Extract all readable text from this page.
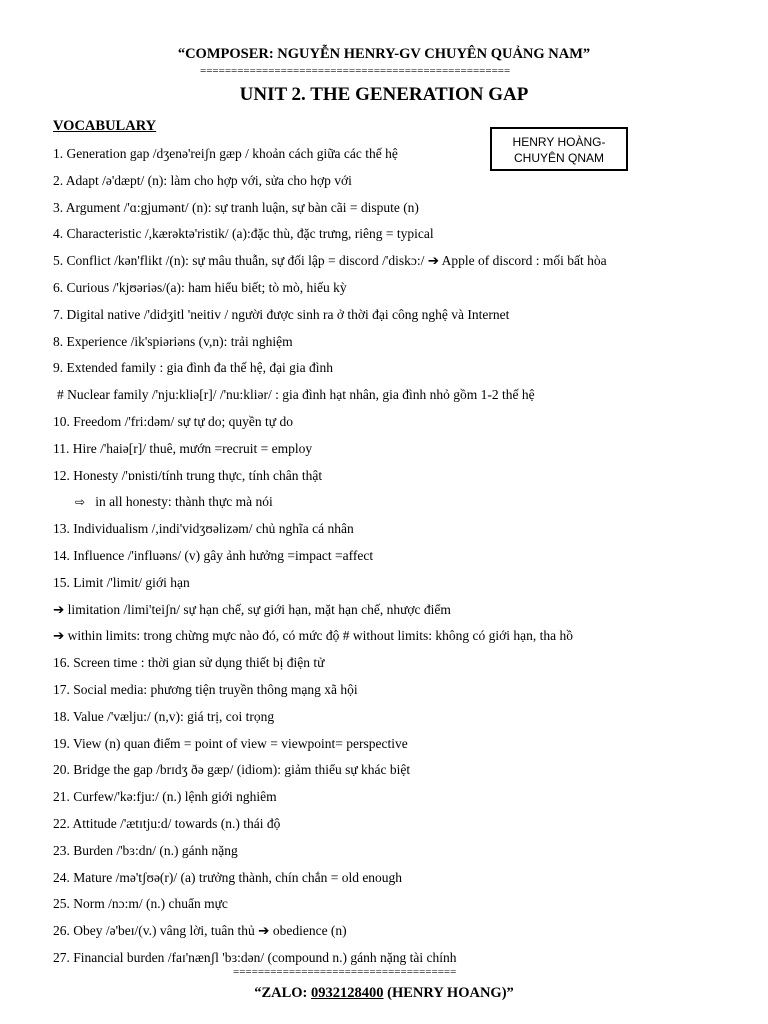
“COMPOSER: NGUYỄN HENRY-GV CHUYÊN QUẢNG NAM”
==================================================
UNIT 2. THE GENERATION GAP
VOCABULARY
HENRY HOÀNG-
CHUYÊN QNAM
1. Generation gap /dʒenə'reiʃn gæp / khoản cách giữa các thế hệ
2. Adapt /ə'dæpt/ (n): làm cho hợp với, sửa cho hợp với
3. Argument /'ɑ:gjumənt/ (n): sự tranh luận, sự bàn cãi = dispute (n)
4. Characteristic /,kærəktə'ristik/ (a):đặc thù, đặc trưng, riêng = typical
5. Conflict /kən'flikt /(n): sự mâu thuẫn, sự đối lập = discord /'diskɔ:/ ➔ Apple of discord : mối bất hòa
6. Curious /'kjʊəriəs/(a): ham hiểu biết; tò mò, hiếu kỳ
7. Digital native /'didʒitl 'neitiv / người được sinh ra ở thời đại công nghệ và Internet
8. Experience /ik'spiəriəns (v,n): trải nghiệm
9. Extended family : gia đình đa thế hệ, đại gia đình
# Nuclear family /'nju:kliə[r]/ /'nu:kliər/ : gia đình hạt nhân, gia đình nhỏ gồm 1-2 thế hệ
10. Freedom /'fri:dəm/ sự tự do; quyền tự do
11. Hire /'haiə[r]/ thuê, mướn =recruit = employ
12. Honesty /'ɒnisti/tính trung thực, tính chân thật
⇨ in all honesty: thành thực mà nói
13. Individualism /,indi'vidʒʊəlizəm/ chủ nghĩa cá nhân
14. Influence /'influəns/ (v) gây ảnh hưởng =impact =affect
15. Limit /'limit/ giới hạn
➔ limitation /limi'teiʃn/ sự hạn chế, sự giới hạn, mặt hạn chế, nhược điểm
➔ within limits: trong chừng mực nào đó, có mức độ # without limits: không có giới hạn, tha hồ
16. Screen time : thời gian sử dụng thiết bị điện tử
17. Social media: phương tiện truyền thông mạng xã hội
18. Value /'vælju:/ (n,v): giá trị, coi trọng
19. View (n) quan điểm = point of view = viewpoint= perspective
20. Bridge the gap /brɪdʒ ðə gæp/ (idiom): giảm thiểu sự khác biệt
21. Curfew/'kə:fju:/ (n.) lệnh giới nghiêm
22. Attitude /'ætɪtju:d/ towards (n.) thái độ
23. Burden /'bɜ:dn/ (n.) gánh nặng
24. Mature /mə'tʃʊə(r)/ (a) trưởng thành, chín chắn = old enough
25. Norm /nɔ:m/ (n.) chuẩn mực
26. Obey /ə'beɪ/(v.) vâng lời, tuân thủ ➔ obedience (n)
27. Financial burden /faɪ'nænʃl 'bɜ:dən/ (compound n.) gánh nặng tài chính
====================================
“ZALO: 0932128400 (HENRY HOANG)”
